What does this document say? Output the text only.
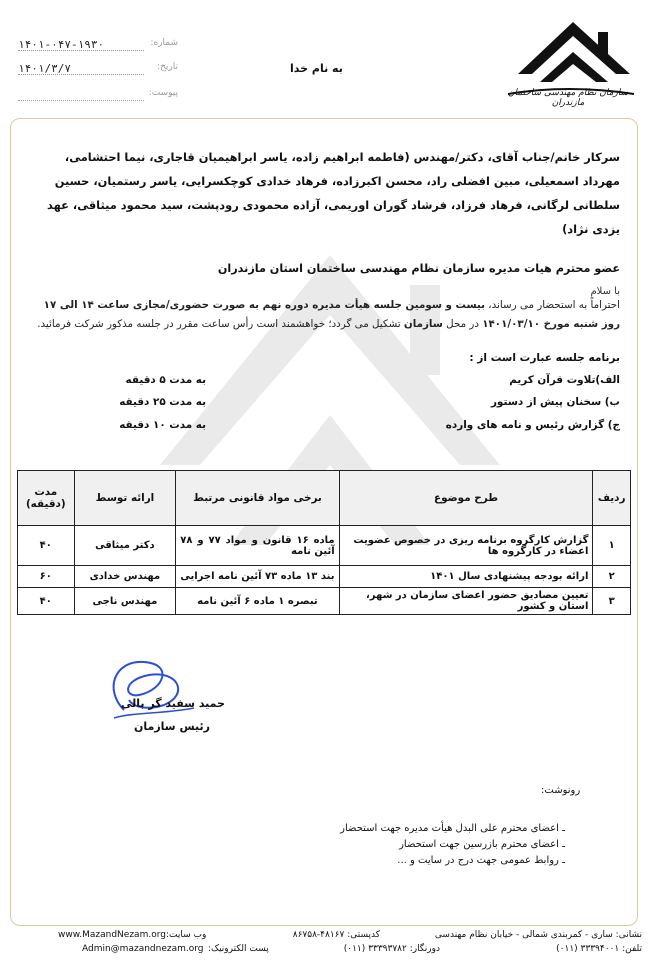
۱۴۰۱-۰۴۷-۱۹۳۰	شماره:
۱۴۰۱/۳/۷	تاریخ:
پیوست:
به نام خدا
سازمان نظام مهندسی ساختمان مازندران
سرکار خانم/جناب آقای، دکتر/مهندس (فاطمه ابراهیم زاده، یاسر ابراهیمیان قاجاری، نیما احتشامی، مهرداد اسمعیلی، مبین افضلی راد، محسن اکبرزاده، فرهاد خدادی کوچکسرایی، یاسر رستمیان، حسین سلطانی لرگانی، فرهاد فرزاد، فرشاد گوران اوریمی، آزاده محمودی رودپشت، سید محمود میثاقی، عهد یزدی نژاد)
عضو محترم هیات مدیره سازمان نظام مهندسی ساختمان استان مازندران
با سلام
احتراماً به استحضار می رساند، بیست و سومین جلسه هیأت مدیره دوره نهم به صورت حضوری/مجازی ساعت ۱۴ الی ۱۷ روز شنبه مورخ ۱۴۰۱/۰۳/۱۰ در محل سازمان تشکیل می گردد؛ خواهشمند است رأس ساعت مقرر در جلسه مذکور شرکت فرمائید.
برنامه جلسه عبارت است از :
الف)تلاوت قرآن کریم
به مدت ۵ دقیقه
ب) سخنان پیش از دستور
به مدت ۲۵ دقیقه
ج) گزارش رئیس و نامه های وارده
به مدت ۱۰ دقیقه
ردیف	طرح موضوع	برخی مواد قانونی مرتبط	ارائه توسط	مدت (دقیقه)
۱	گزارش کارگروه برنامه ریزی در خصوص عضویت اعضاء در کارگروه ها	ماده ۱۶ قانون و مواد ۷۷ و ۷۸ آئین نامه	دکتر میثاقی	۴۰
۲	ارائه بودجه پیشنهادی سال ۱۴۰۱	بند ۱۳ ماده ۷۳ آئین نامه اجرایی	مهندس خدادی	۶۰
۳	تعیین مصادیق حضور اعضای سازمان در شهر، استان و کشور	تبصره ۱ ماده ۶ آئین نامه	مهندس ناجی	۴۰
حمید سفید گر بالی
رئیس سازمان
رونوشت:
ـ اعضای محترم علی البدل هیأت مدیره جهت استحضار
ـ اعضای محترم بازرسین جهت استحضار
ـ روابط عمومی جهت درج در سایت و ...
نشانی: ساری - کمربندی شمالی - خیابان نظام مهندسی
کدپستی: ۴۸۱۶۷-۸۶۷۵۸
تلفن: ۳۳۳۹۴۰۰۱ (۰۱۱)
دورنگار: ۳۳۳۹۳۷۸۲ (۰۱۱)
وب سایت:
www.MazandNezam.org
پست الکترونیک:
Admin@mazandnezam.org
